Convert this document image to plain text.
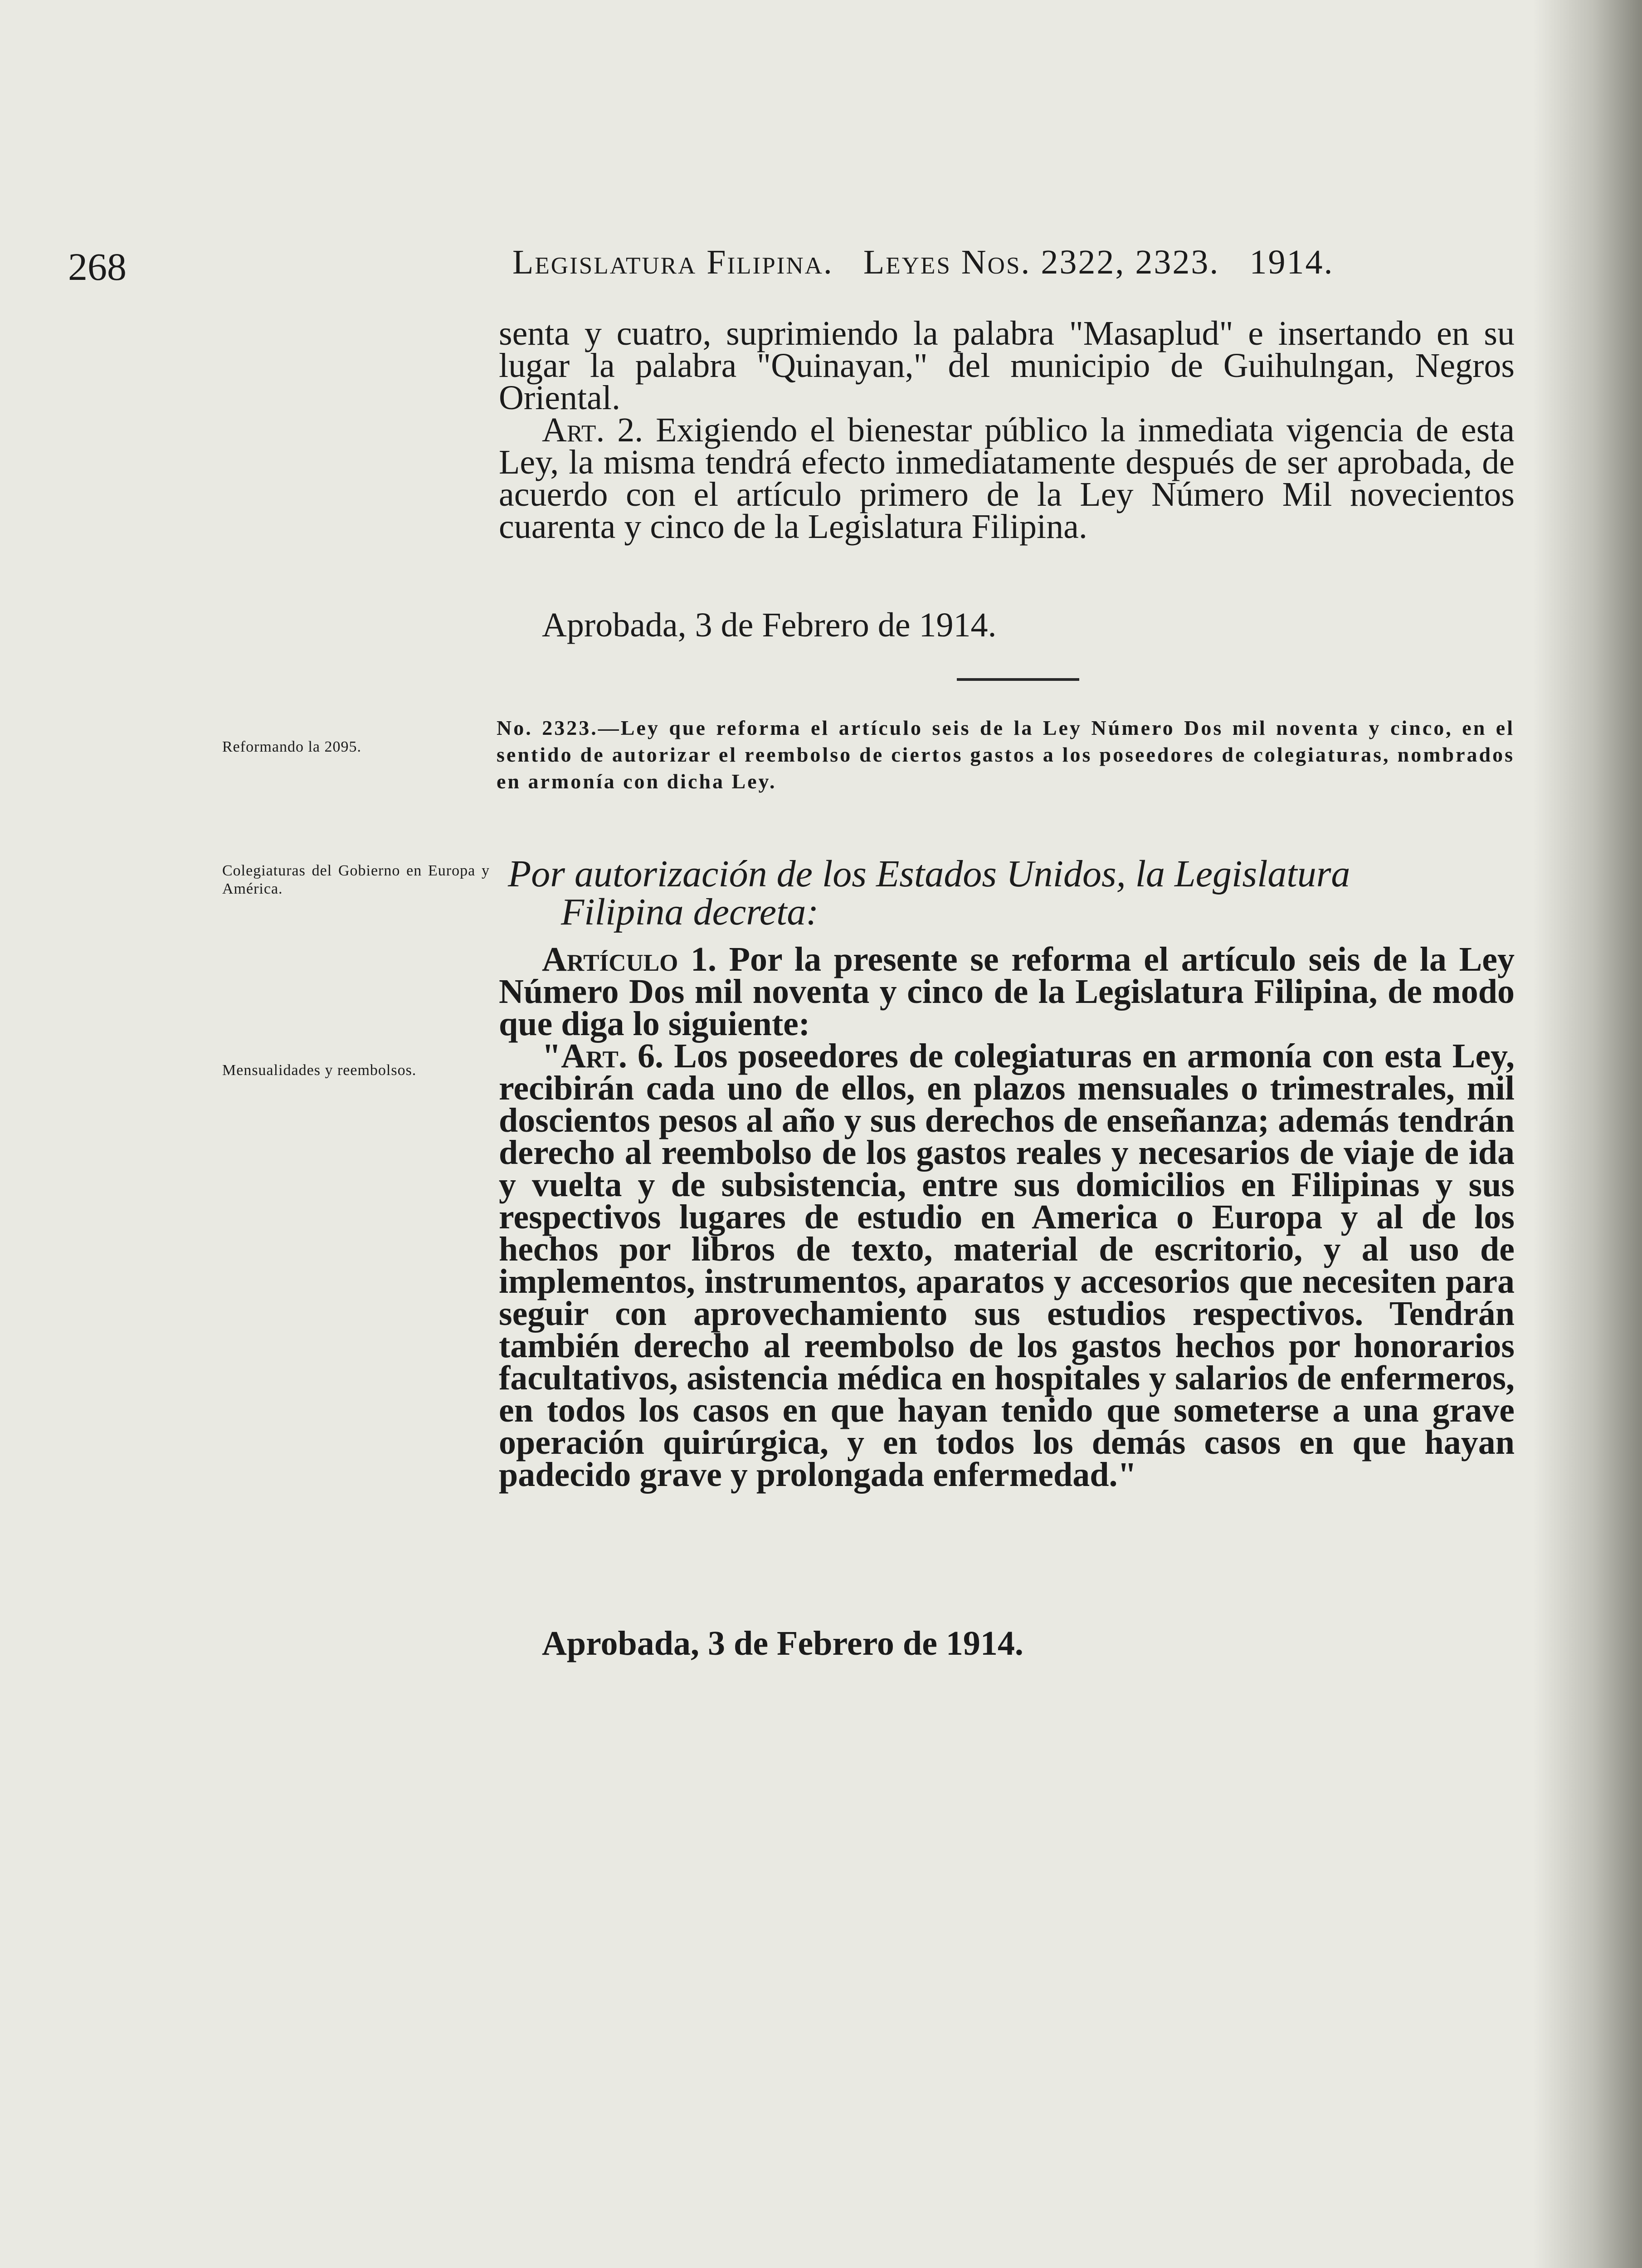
268	Legislatura Filipina. Leyes Nos. 2322, 2323. 1914.

senta y cuatro, suprimiendo la palabra "Masaplud" e insertando en su lugar la palabra "Quinayan," del municipio de Guihulngan, Negros Oriental.

Art. 2. Exigiendo el bienestar público la inmediata vigencia de esta Ley, la misma tendrá efecto inmediatamente después de ser aprobada, de acuerdo con el artículo primero de la Ley Número Mil novecientos cuarenta y cinco de la Legislatura Filipina.

Aprobada, 3 de Febrero de 1914.
Reformando la 2095.
Colegiaturas del Gobierno en Europa y América.
Mensualidades y reembolsos.
No. 2323.—Ley que reforma el artículo seis de la Ley Número Dos mil noventa y cinco, en el sentido de autorizar el reembolso de ciertos gastos a los poseedores de colegiaturas, nombrados en armonía con dicha Ley.
Por autorización de los Estados Unidos, la Legislatura
Filipina decreta:

Artículo 1. Por la presente se reforma el artículo seis de la Ley Número Dos mil noventa y cinco de la Legislatura Filipina, de modo que diga lo siguiente:

"Art. 6. Los poseedores de colegiaturas en armonía con esta Ley, recibirán cada uno de ellos, en plazos mensuales o trimestrales, mil doscientos pesos al año y sus derechos de enseñanza; además tendrán derecho al reembolso de los gastos reales y necesarios de viaje de ida y vuelta y de subsistencia, entre sus domicilios en Filipinas y sus respectivos lugares de estudio en America o Europa y al de los hechos por libros de texto, material de escritorio, y al uso de implementos, instrumentos, aparatos y accesorios que necesiten para seguir con aprovechamiento sus estudios respectivos. Tendrán también derecho al reembolso de los gastos hechos por honorarios facultativos, asistencia médica en hospitales y salarios de enfermeros, en todos los casos en que hayan tenido que someterse a una grave operación quirúrgica, y en todos los demás casos en que hayan padecido grave y prolongada enfermedad."

Aprobada, 3 de Febrero de 1914.
